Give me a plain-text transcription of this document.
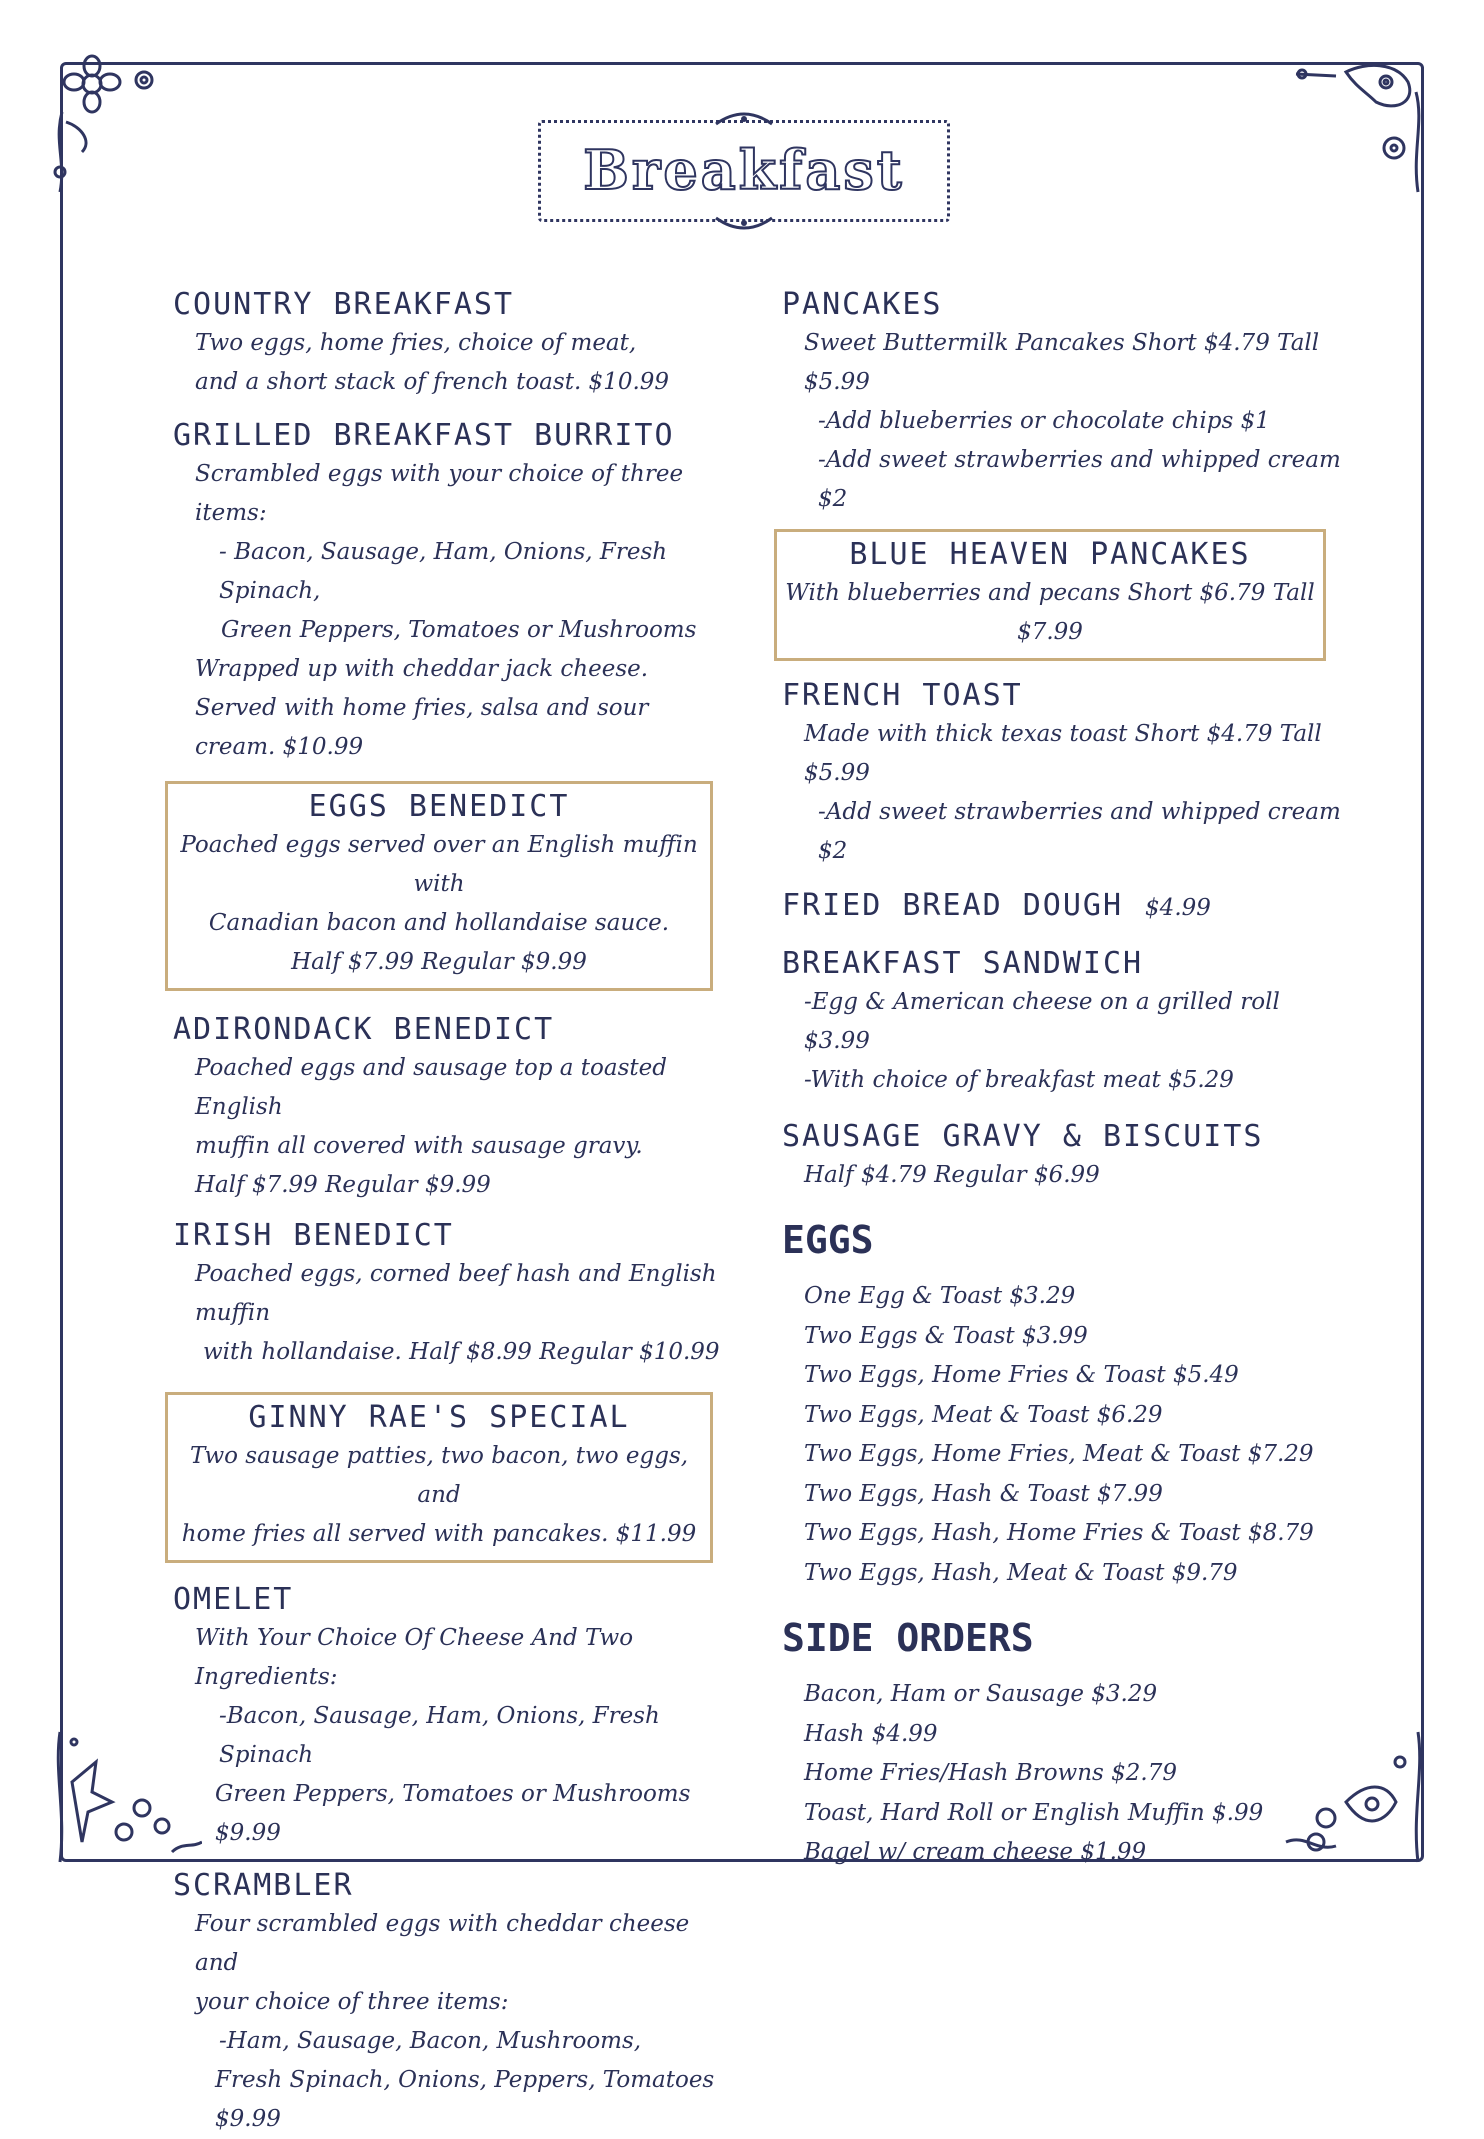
Breakfast
COUNTRY BREAKFAST
Two eggs, home fries, choice of meat,
and a short stack of french toast. $10.99
GRILLED BREAKFAST BURRITO
Scrambled eggs with your choice of three items:
- Bacon, Sausage, Ham, Onions, Fresh Spinach,
Green Peppers, Tomatoes or Mushrooms
Wrapped up with cheddar jack cheese.
Served with home fries, salsa and sour cream. $10.99
EGGS BENEDICT
Poached eggs served over an English muffin with
Canadian bacon and hollandaise sauce.
Half $7.99 Regular $9.99
ADIRONDACK BENEDICT
Poached eggs and sausage top a toasted English
muffin all covered with sausage gravy.
Half $7.99 Regular $9.99
IRISH BENEDICT
Poached eggs, corned beef hash and English muffin
with hollandaise. Half $8.99 Regular $10.99
GINNY RAE'S SPECIAL
Two sausage patties, two bacon, two eggs, and
home fries all served with pancakes. $11.99
OMELET
With Your Choice Of Cheese And Two Ingredients:
-Bacon, Sausage, Ham, Onions, Fresh Spinach
Green Peppers, Tomatoes or Mushrooms $9.99
SCRAMBLER
Four scrambled eggs with cheddar cheese and
your choice of three items:
-Ham, Sausage, Bacon, Mushrooms,
Fresh Spinach, Onions, Peppers, Tomatoes $9.99
PANCAKES
Sweet Buttermilk Pancakes Short $4.79 Tall $5.99
-Add blueberries or chocolate chips $1
-Add sweet strawberries and whipped cream $2
BLUE HEAVEN PANCAKES
With blueberries and pecans Short $6.79 Tall $7.99
FRENCH TOAST
Made with thick texas toast Short $4.79 Tall $5.99
-Add sweet strawberries and whipped cream $2
FRIED BREAD DOUGH $4.99
BREAKFAST SANDWICH
-Egg & American cheese on a grilled roll $3.99
-With choice of breakfast meat $5.29
SAUSAGE GRAVY & BISCUITS
Half $4.79 Regular $6.99
EGGS
One Egg & Toast $3.29
Two Eggs & Toast $3.99
Two Eggs, Home Fries & Toast $5.49
Two Eggs, Meat & Toast $6.29
Two Eggs, Home Fries, Meat & Toast $7.29
Two Eggs, Hash & Toast $7.99
Two Eggs, Hash, Home Fries & Toast $8.79
Two Eggs, Hash, Meat & Toast $9.79
SIDE ORDERS
Bacon, Ham or Sausage $3.29
Hash $4.99
Home Fries/Hash Browns $2.79
Toast, Hard Roll or English Muffin $.99
Bagel w/ cream cheese $1.99
